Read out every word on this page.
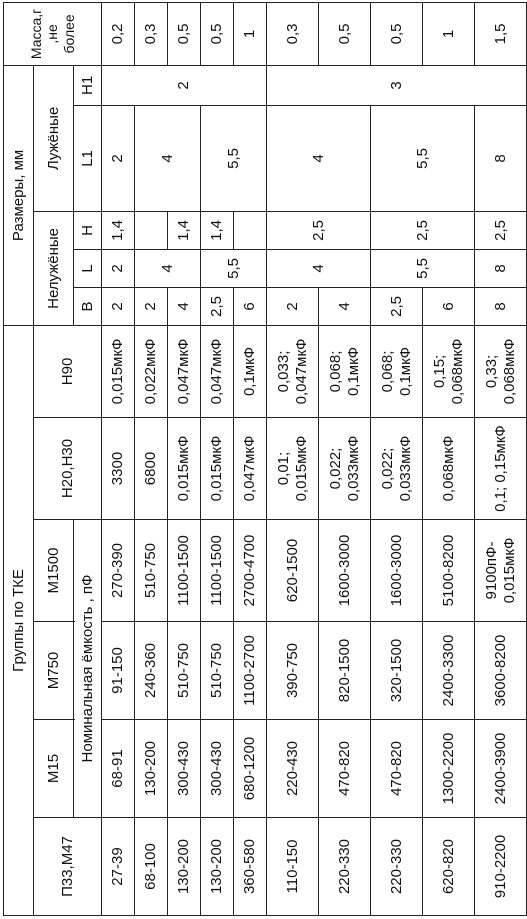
Группы по ТКЕ						Размеры, мм					Масса,г ,не более
П33,М47	М15	М750	М1500	Н20,Н30	Н90	Нелужёные			Лужёные		

	Номинальная ёмкость , пФ					В	L	H	L1	H1	
27-39	68-91	91-150	270-390	3300	0,015мкФ	2	2	1,4	2	2	0,2
68-100	130-200	240-360	510-750	6800	0,022мкФ	2	4		4		0,3
130-200	300-430	510-750	1100-1500	0,015мкФ	0,047мкФ	4		1,4			0,5
130-200	300-430	510-750	1100-1500	0,015мкФ	0,047мкФ	2,5	5,5	1,4	5,5		0,5
360-580	680-1200	1100-2700	2700-4700	0,047мкФ	0,1мкФ	6					1
110-150	220-430	390-750	620-1500	0,01; 0,015мкФ	0,033; 0,047мкФ	2	4	2,5	4	3	0,3
220-330	470-820	820-1500	1600-3000	0,022; 0,033мкФ	0,068; 0,1мкФ	4					0,5
220-330	470-820	320-1500	1600-3000	0,022; 0,033мкФ	0,068; 0,1мкФ	2,5	5,5	2,5	5,5		0,5
620-820	1300-2200	2400-3300	5100-8200	0,068мкФ	0,15; 0,068мкФ	6					1
910-2200	2400-3900	3600-8200	9100пФ- 0,015мкФ	0,1; 0,15мкФ	0,33; 0,068мкФ	8	8	2,5	8		1,5
